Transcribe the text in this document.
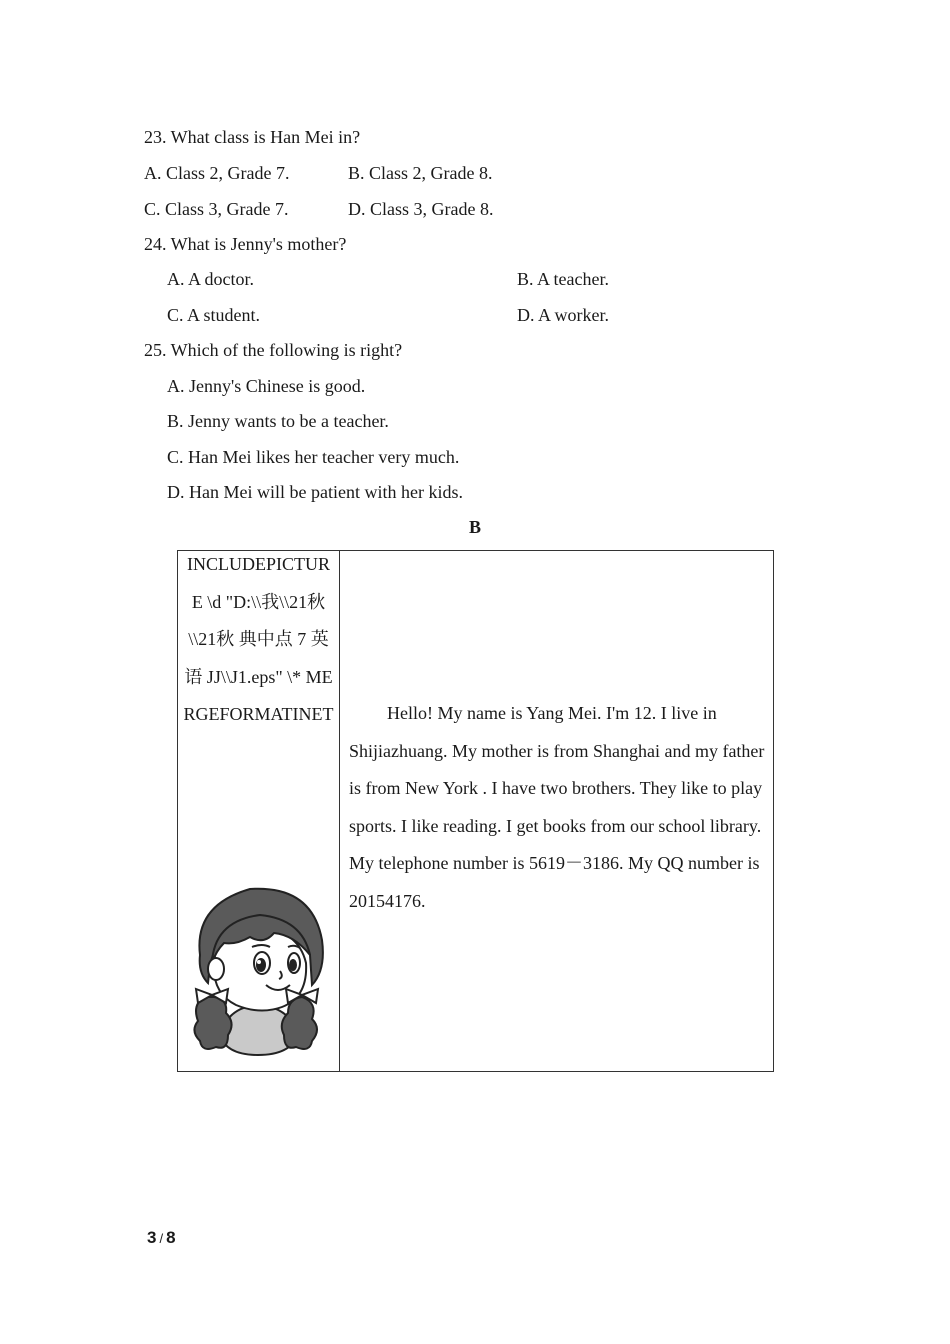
23. What class is Han Mei in?
A. Class 2, Grade 7.	B. Class 2, Grade 8.
C. Class 3, Grade 7.	D. Class 3, Grade 8.
24. What is Jenny's mother?
A. A doctor.	B. A teacher.
C. A student.	D. A worker.
25. Which of the following is right?
A. Jenny's Chinese is good.
B. Jenny wants to be a teacher.
C. Han Mei likes her teacher very much.
D. Han Mei will be patient with her kids.
B
INCLUDEPICTURE \d "D:\\我\\21秋\\21秋 典中点 7 英语 JJ\\J1.eps" \* MERGEFORMATINET	Hello! My name is Yang Mei. I'm 12. I live in Shijiazhuang. My mother is from Shanghai and my father is from New York . I have two brothers. They like to play sports. I like reading. I get books from our school library. My telephone number is 5619－3186. My QQ number is 20154176.
3 / 8
